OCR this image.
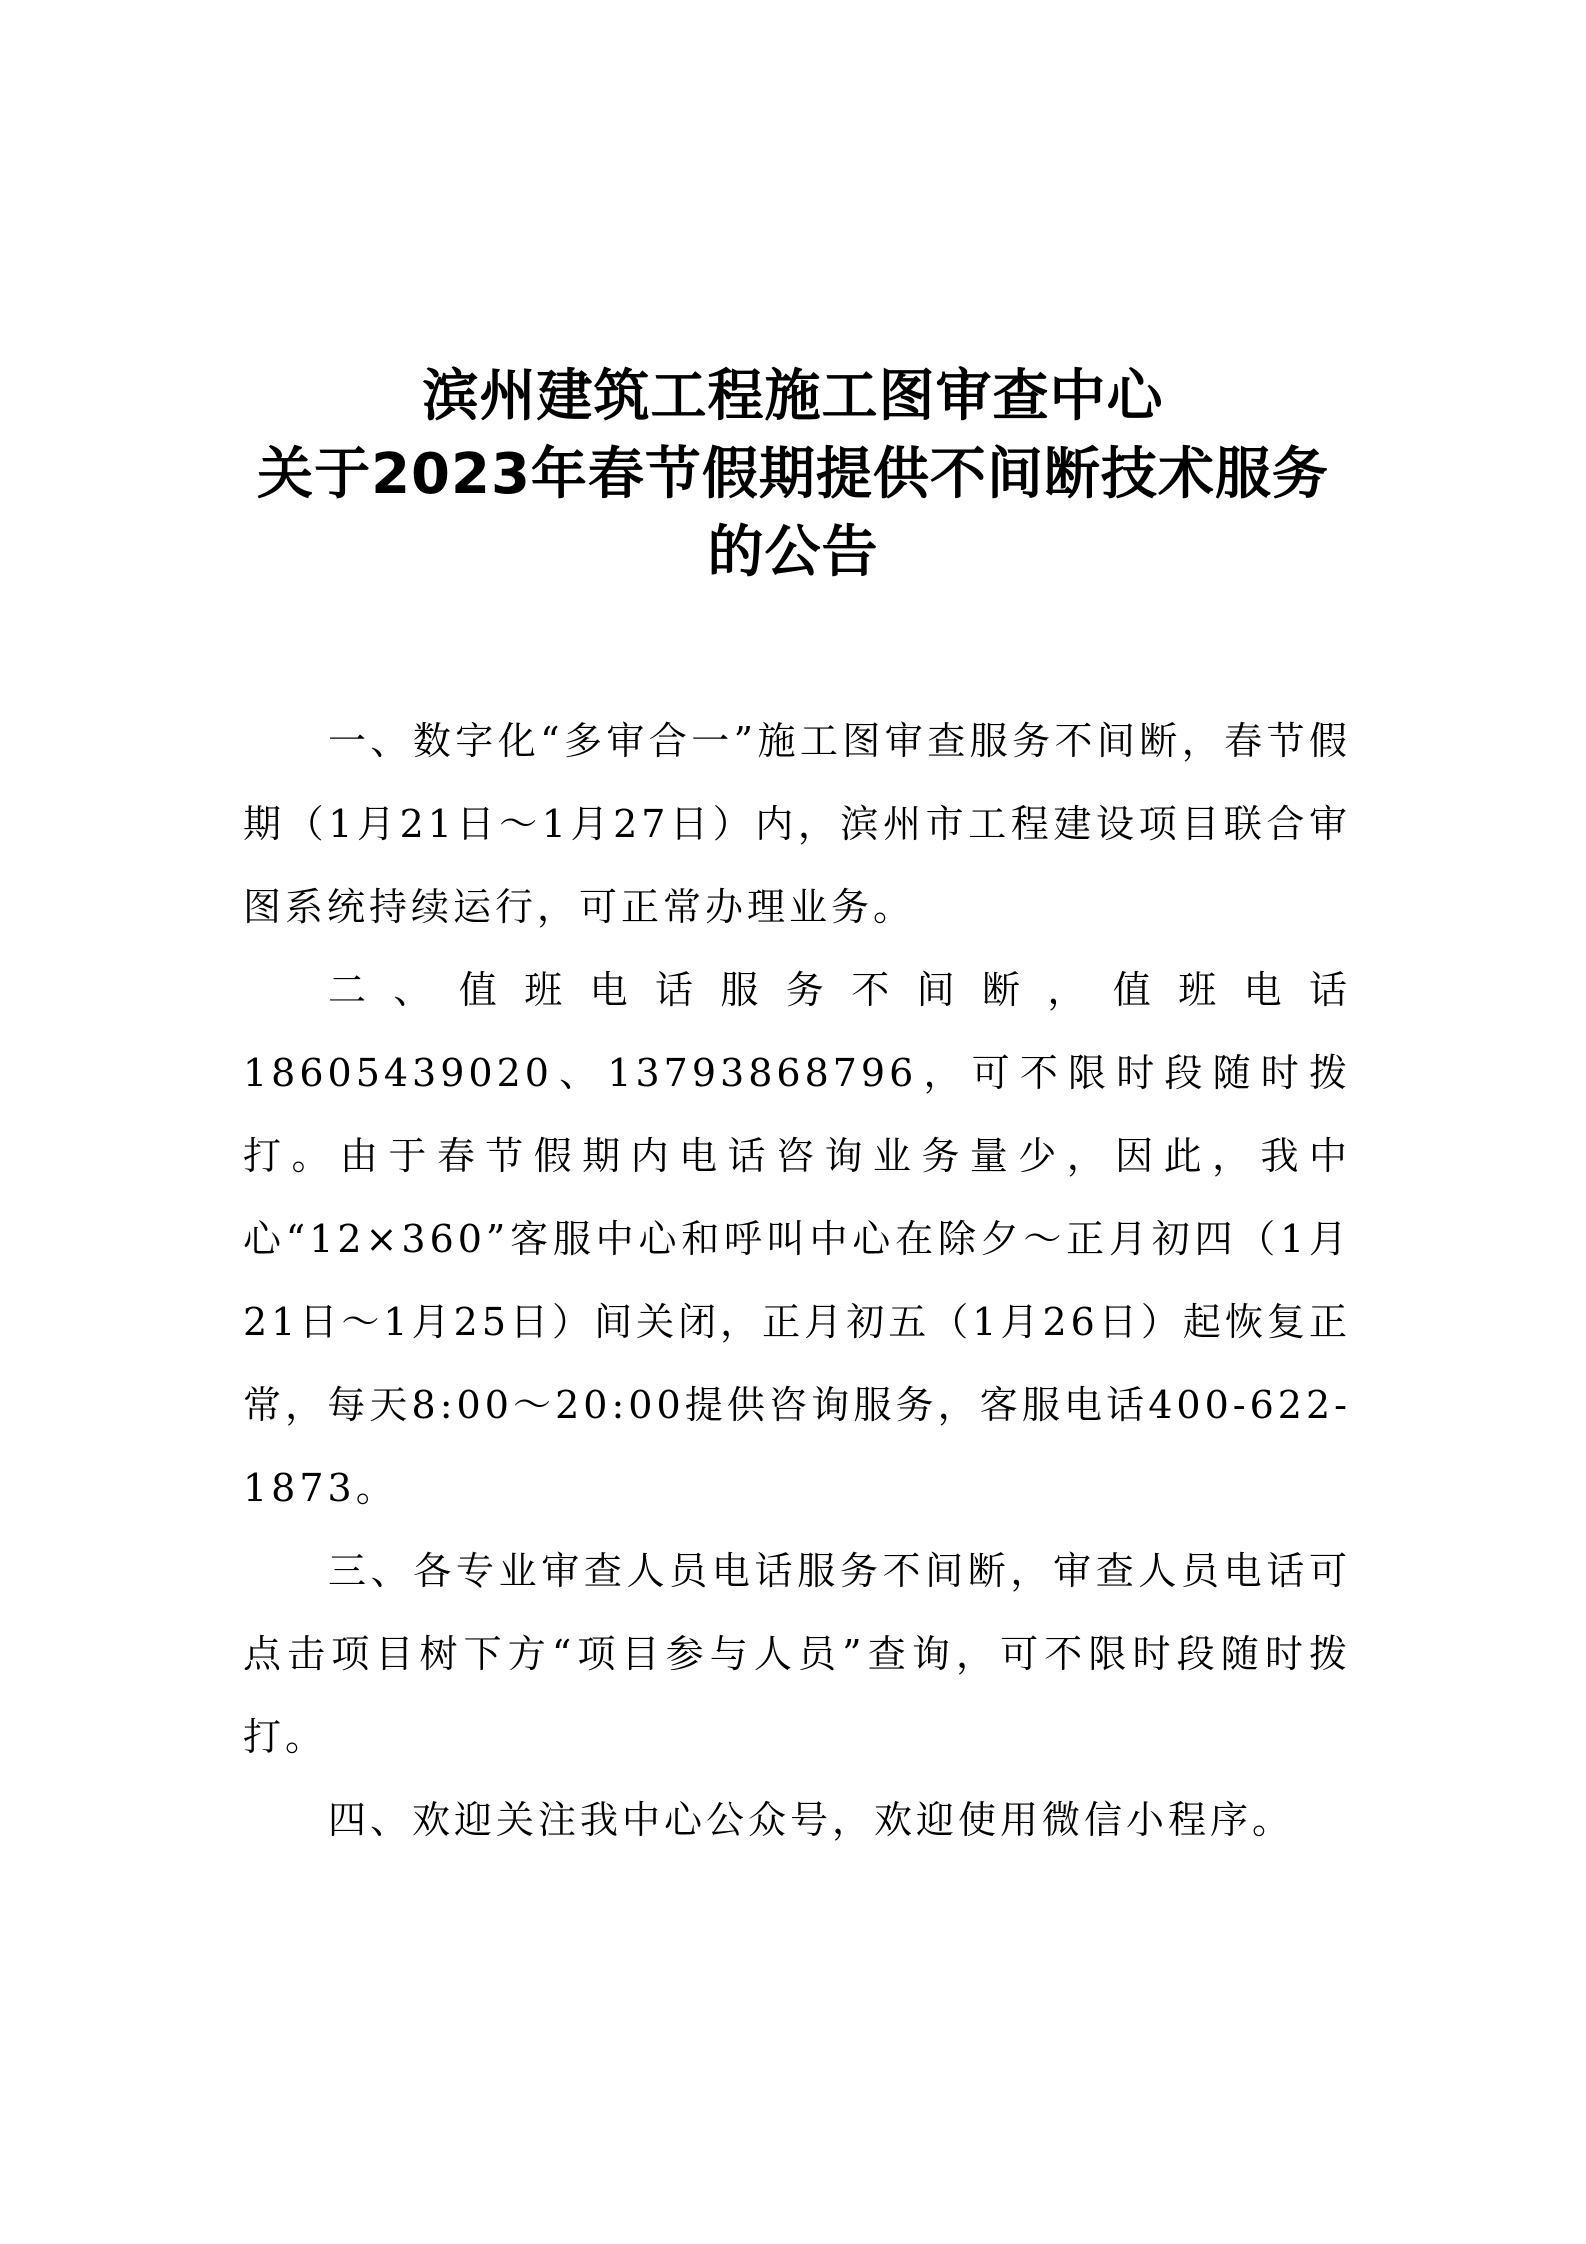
滨州建筑工程施工图审查中心
关于2023年春节假期提供不间断技术服务
的公告

一、数字化“多审合一”施工图审查服务不间断，春节假期（1月21日～1月27日）内，滨州市工程建设项目联合审图系统持续运行，可正常办理业务。

二、值班电话服务不间断，值班电话18605439020、13793868796，可不限时段随时拨打。由于春节假期内电话咨询业务量少，因此，我中心“12×360”客服中心和呼叫中心在除夕～正月初四（1月21日～1月25日）间关闭，正月初五（1月26日）起恢复正常，每天8:00～20:00提供咨询服务，客服电话400-622-1873。

三、各专业审查人员电话服务不间断，审查人员电话可点击项目树下方“项目参与人员”查询，可不限时段随时拨打。

四、欢迎关注我中心公众号，欢迎使用微信小程序。
